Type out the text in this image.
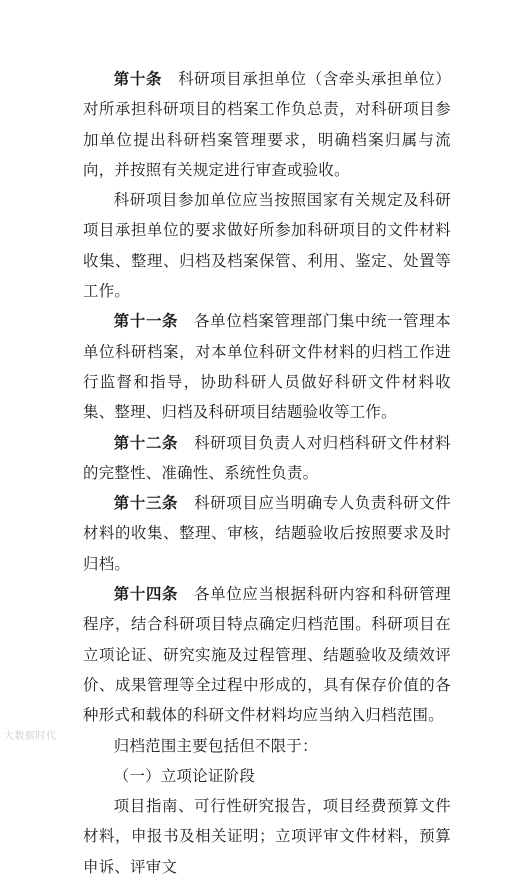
第十条　 科研项目承担单位（含牵头承担单位）对所承担科研项目的档案工作负总责，对科研项目参加单位提出科研档案管理要求，明确档案归属与流向，并按照有关规定进行审查或验收。

科研项目参加单位应当按照国家有关规定及科研项目承担单位的要求做好所参加科研项目的文件材料收集、整理、归档及档案保管、利用、鉴定、处置等工作。

第十一条　 各单位档案管理部门集中统一管理本单位科研档案，对本单位科研文件材料的归档工作进行监督和指导，协助科研人员做好科研文件材料收集、整理、归档及科研项目结题验收等工作。

第十二条　 科研项目负责人对归档科研文件材料的完整性、准确性、系统性负责。

第十三条　 科研项目应当明确专人负责科研文件材料的收集、整理、审核，结题验收后按照要求及时归档。

第十四条　 各单位应当根据科研内容和科研管理程序，结合科研项目特点确定归档范围。科研项目在立项论证、研究实施及过程管理、结题验收及绩效评价、成果管理等全过程中形成的，具有保存价值的各种形式和载体的科研文件材料均应当纳入归档范围。

归档范围主要包括但不限于：

（一）立项论证阶段

项目指南、可行性研究报告，项目经费预算文件材料，申报书及相关证明；立项评审文件材料，预算申诉、评审文

大数据时代
